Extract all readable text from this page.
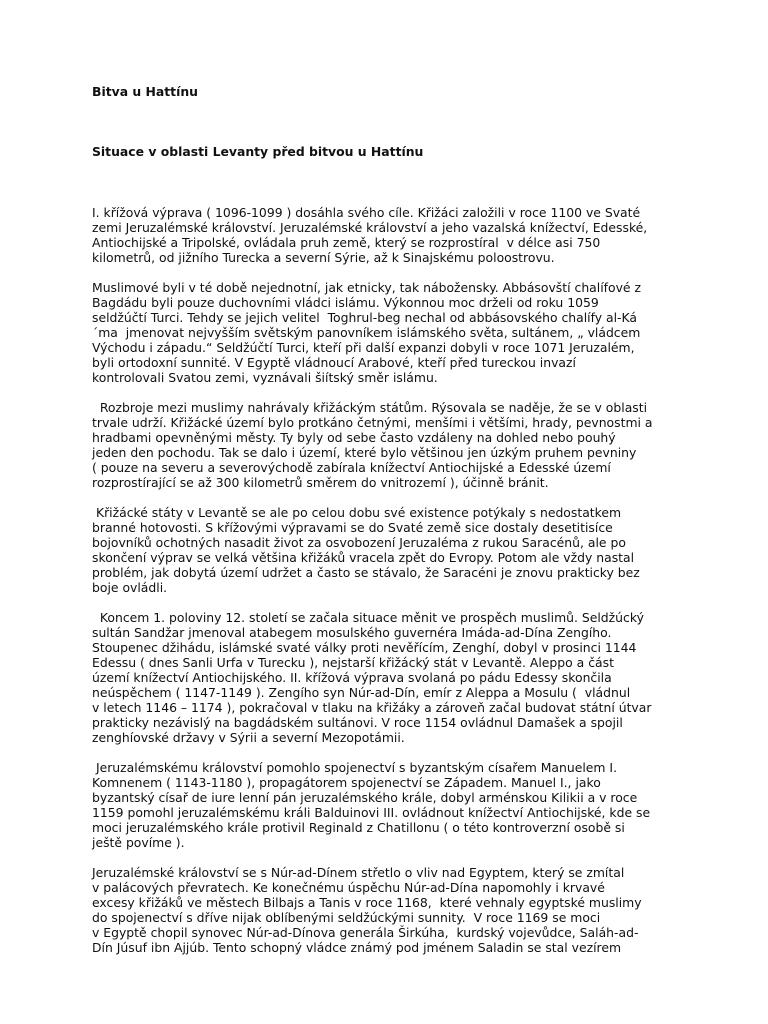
Bitva u Hattínu
Situace v oblasti Levanty před bitvou u Hattínu
I. křížová výprava ( 1096-1099 ) dosáhla svého cíle. Křižáci založili v roce 1100 ve Svaté
zemi Jeruzalémské království. Jeruzalémské království a jeho vazalská knížectví, Edesské,
Antiochijské a Tripolské, ovládala pruh země, který se rozprostíral  v délce asi 750
kilometrů, od jižního Turecka a severní Sýrie, až k Sinajskému poloostrovu.
Muslimové byli v té době nejednotní, jak etnicky, tak nábožensky. Abbásovští chalífové z
Bagdádu byli pouze duchovními vládci islámu. Výkonnou moc drželi od roku 1059
seldžúčtí Turci. Tehdy se jejich velitel  Toghrul-beg nechal od abbásovského chalífy al-Ká
´ma  jmenovat nejvyšším světským panovníkem islámského světa, sultánem, „ vládcem
Východu i západu.“ Seldžúčtí Turci, kteří při další expanzi dobyli v roce 1071 Jeruzalém,
byli ortodoxní sunnité. V Egyptě vládnoucí Arabové, kteří před tureckou invazí
kontrolovali Svatou zemi, vyznávali šiítský směr islámu.
Rozbroje mezi muslimy nahrávaly křižáckým státům. Rýsovala se naděje, že se v oblasti
trvale udrží. Křižácké území bylo protkáno četnými, menšími i většími, hrady, pevnostmi a
hradbami opevněnými městy. Ty byly od sebe často vzdáleny na dohled nebo pouhý
jeden den pochodu. Tak se dalo i území, které bylo většinou jen úzkým pruhem pevniny
( pouze na severu a severovýchodě zabírala knížectví Antiochijské a Edesské území
rozprostírající se až 300 kilometrů směrem do vnitrozemí ), účinně bránit.
Křižácké státy v Levantě se ale po celou dobu své existence potýkaly s nedostatkem
branné hotovosti. S křížovými výpravami se do Svaté země sice dostaly desetitisíce
bojovníků ochotných nasadit život za osvobození Jeruzaléma z rukou Saracénů, ale po
skončení výprav se velká většina křižáků vracela zpět do Evropy. Potom ale vždy nastal
problém, jak dobytá území udržet a často se stávalo, že Saracéni je znovu prakticky bez
boje ovládli.
Koncem 1. poloviny 12. století se začala situace měnit ve prospěch muslimů. Seldžúcký
sultán Sandžar jmenoval atabegem mosulského guvernéra Imáda-ad-Dína Zengího.
Stoupenec džihádu, islámské svaté války proti nevěřícím, Zenghí, dobyl v prosinci 1144
Edessu ( dnes Sanli Urfa v Turecku ), nejstarší křižácký stát v Levantě. Aleppo a část
území knížectví Antiochijského. II. křížová výprava svolaná po pádu Edessy skončila
neúspěchem ( 1147-1149 ). Zengího syn Núr-ad-Dín, emír z Aleppa a Mosulu (  vládnul
v letech 1146 – 1174 ), pokračoval v tlaku na křižáky a zároveň začal budovat státní útvar
prakticky nezávislý na bagdádském sultánovi. V roce 1154 ovládnul Damašek a spojil
zenghíovské državy v Sýrii a severní Mezopotámii.
Jeruzalémskému království pomohlo spojenectví s byzantským císařem Manuelem I.
Komnenem ( 1143-1180 ), propagátorem spojenectví se Západem. Manuel I., jako
byzantský císař de iure lenní pán jeruzalémského krále, dobyl arménskou Kilikii a v roce
1159 pomohl jeruzalémskému králi Balduinovi III. ovládnout knížectví Antiochijské, kde se
moci jeruzalémského krále protivil Reginald z Chatillonu ( o této kontroverzní osobě si
ještě povíme ).
Jeruzalémské království se s Núr-ad-Dínem střetlo o vliv nad Egyptem, který se zmítal
v palácových převratech. Ke konečnému úspěchu Núr-ad-Dína napomohly i krvavé
excesy křižáků ve městech Bilbajs a Tanis v roce 1168,  které vehnaly egyptské muslimy
do spojenectví s dříve nijak oblíbenými seldžúckými sunnity.  V roce 1169 se moci
v Egyptě chopil synovec Núr-ad-Dínova generála Širkúha,  kurdský vojevůdce, Saláh-ad-
Dín Júsuf ibn Ajjúb. Tento schopný vládce známý pod jménem Saladin se stal vezírem
